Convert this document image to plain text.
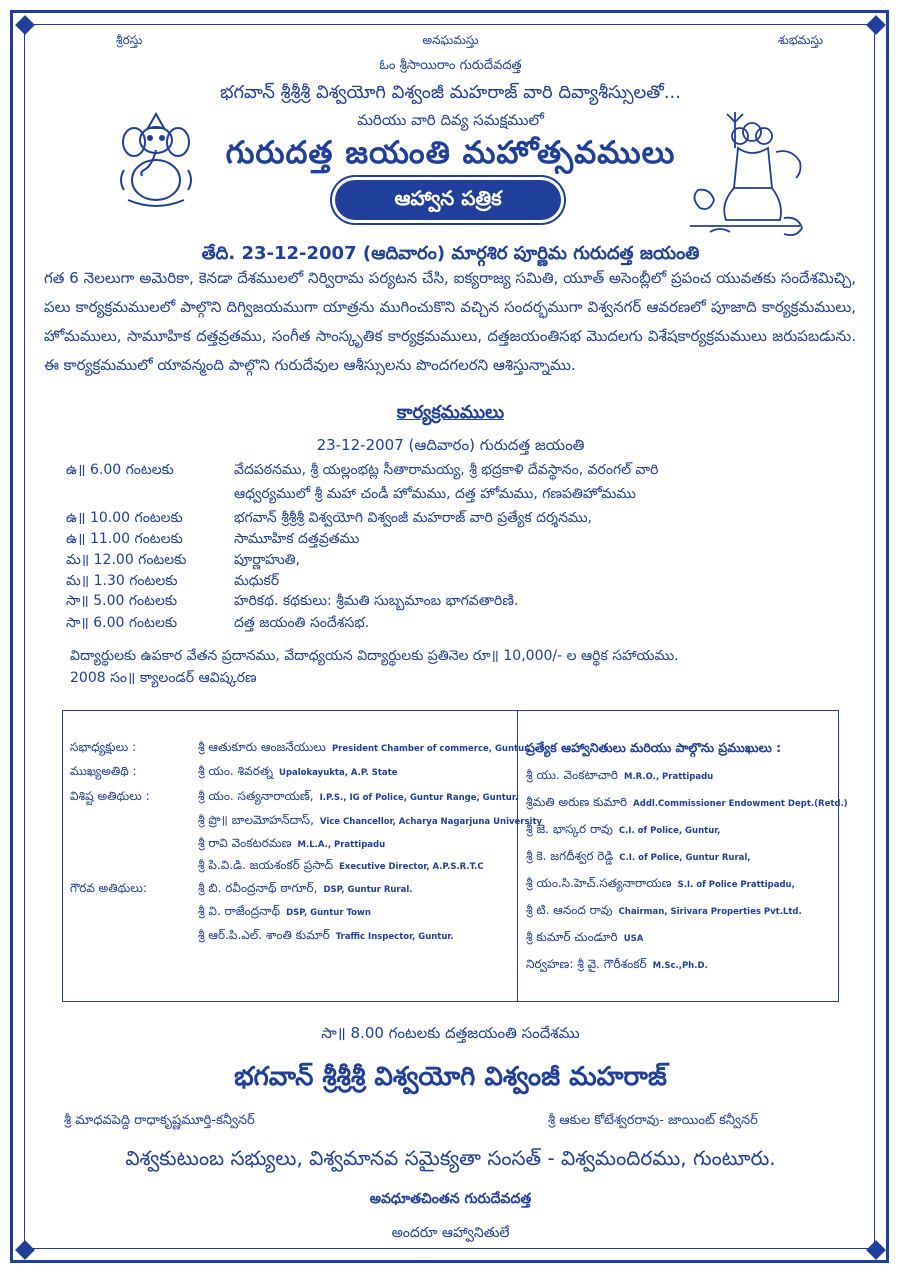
శ్రీరస్తు	అనఘమస్తు	శుభమస్తు
ఓం శ్రీసాయిరాం గురుదేవదత్త
భగవాన్ శ్రీశ్రీశ్రీ విశ్వయోగి విశ్వంజీ మహరాజ్ వారి దివ్యాశీస్సులతో...
మరియు వారి దివ్య సమక్షములో
గురుదత్త జయంతి మహోత్సవములు
ఆహ్వాన పత్రిక
తేది. 23-12-2007 (ఆదివారం) మార్గశిర పూర్ణిమ గురుదత్త జయంతి
గత 6 నెలలుగా అమెరికా, కెనడా దేశములలో నిర్విరామ పర్యటన చేసి, ఐక్యరాజ్య సమితి, యూత్ అసెంబ్లీలో ప్రపంచ యువతకు సందేశమిచ్చి, పలు కార్యక్రమములలో పాల్గొని దిగ్విజయముగా యాత్రను ముగించుకొని వచ్చిన సందర్భముగా విశ్వనగర్ ఆవరణలో పూజాది కార్యక్రమములు, హోమములు, సామూహిక దత్తవ్రతము, సంగీత సాంస్కృతిక కార్యక్రమములు, దత్తజయంతిసభ మొదలగు విశేషకార్యక్రమములు జరుపబడును. ఈ కార్యక్రమములో యావన్మంది పాల్గొని గురుదేవుల ఆశీస్సులను పొందగలరని ఆశిస్తున్నాము.
కార్యక్రమములు
23-12-2007 (ఆదివారం) గురుదత్త జయంతి
ఉ॥ 6.00 గంటలకు	వేదపఠనము, శ్రీ యల్లంభట్ల సీతారామయ్య, శ్రీ భద్రకాళి దేవస్థానం, వరంగల్ వారి
ఆధ్వర్యములో శ్రీ మహా చండీ హోమము, దత్త హోమము, గణపతిహోమము
ఉ॥ 10.00 గంటలకు	భగవాన్ శ్రీశ్రీశ్రీ విశ్వయోగి విశ్వంజీ మహరాజ్ వారి ప్రత్యేక దర్శనము,
ఉ॥ 11.00 గంటలకు	సామూహిక దత్తవ్రతము
మ॥ 12.00 గంటలకు	పూర్ణాహుతి,
మ॥ 1.30 గంటలకు	మధుకర్
సా॥ 5.00 గంటలకు	హరికథ. కథకులు: శ్రీమతి సుబ్బమాంబ భాగవతారిణి.
సా॥ 6.00 గంటలకు	దత్త జయంతి సందేశసభ.
విద్యార్థులకు ఉపకార వేతన ప్రదానము, వేదాధ్యయన విద్యార్థులకు ప్రతినెల రూ॥ 10,000/- ల ఆర్థిక సహాయము.
2008 సం॥ క్యాలండర్ ఆవిష్కరణ
సభాధ్యక్షులు :	శ్రీ ఆతుకూరు ఆంజనేయులు President Chamber of commerce, Guntur.
ముఖ్యఅతిథి :	శ్రీ యం. శివరత్న Upalokayukta, A.P. State
విశిష్ట అతిథులు :	శ్రీ యం. సత్యనారాయణ్, I.P.S., IG of Police, Guntur Range, Guntur.
శ్రీ ప్రొ॥ బాలమోహన్‌దాస్, Vice Chancellor, Acharya Nagarjuna University
శ్రీ రావి వెంకటరమణ M.L.A., Prattipadu
శ్రీ పి.వి.డి. జయశంకర్ ప్రసాద్ Executive Director, A.P.S.R.T.C
గౌరవ అతిథులు:	శ్రీ బి. రవీంద్రనాథ్ ఠాగూర్, DSP, Guntur Rural.
శ్రీ వి. రాజేంద్రనాథ్ DSP, Guntur Town
శ్రీ ఆర్.పి.ఎల్. శాంతి కుమార్ Traffic Inspector, Guntur.
ప్రత్యేక ఆహ్వానితులు మరియు పాల్గొను ప్రముఖులు :
శ్రీ యు. వెంకటాచారి M.R.O., Prattipadu
శ్రీమతి అరుణ కుమారి Addl.Commissioner Endowment Dept.(Retd.)
శ్రీ జె. భాస్కర రావు C.I. of Police, Guntur,
శ్రీ కె. జగదీశ్వర రెడ్డి C.I. of Police, Guntur Rural,
శ్రీ యం.సి.హెచ్.సత్యనారాయణ S.I. of Police Prattipadu,
శ్రీ టి. ఆనంద రావు Chairman, Sirivara Properties Pvt.Ltd.
శ్రీ కుమార్ చుండూరి USA
నిర్వహణ: శ్రీ వై. గౌరీశంకర్ M.Sc.,Ph.D.
సా॥ 8.00 గంటలకు దత్తజయంతి సందేశము
భగవాన్ శ్రీశ్రీశ్రీ విశ్వయోగి విశ్వంజీ మహరాజ్
శ్రీ మాధవపెద్ది రాధాకృష్ణమూర్తి-కన్వీనర్	శ్రీ ఆకుల కోటేశ్వరరావు- జాయింట్ కన్వీనర్
విశ్వకుటుంబ సభ్యులు, విశ్వమానవ సమైక్యతా సంసత్ - విశ్వమందిరము, గుంటూరు.
అవధూతచింతన గురుదేవదత్త
అందరూ ఆహ్వానితులే
